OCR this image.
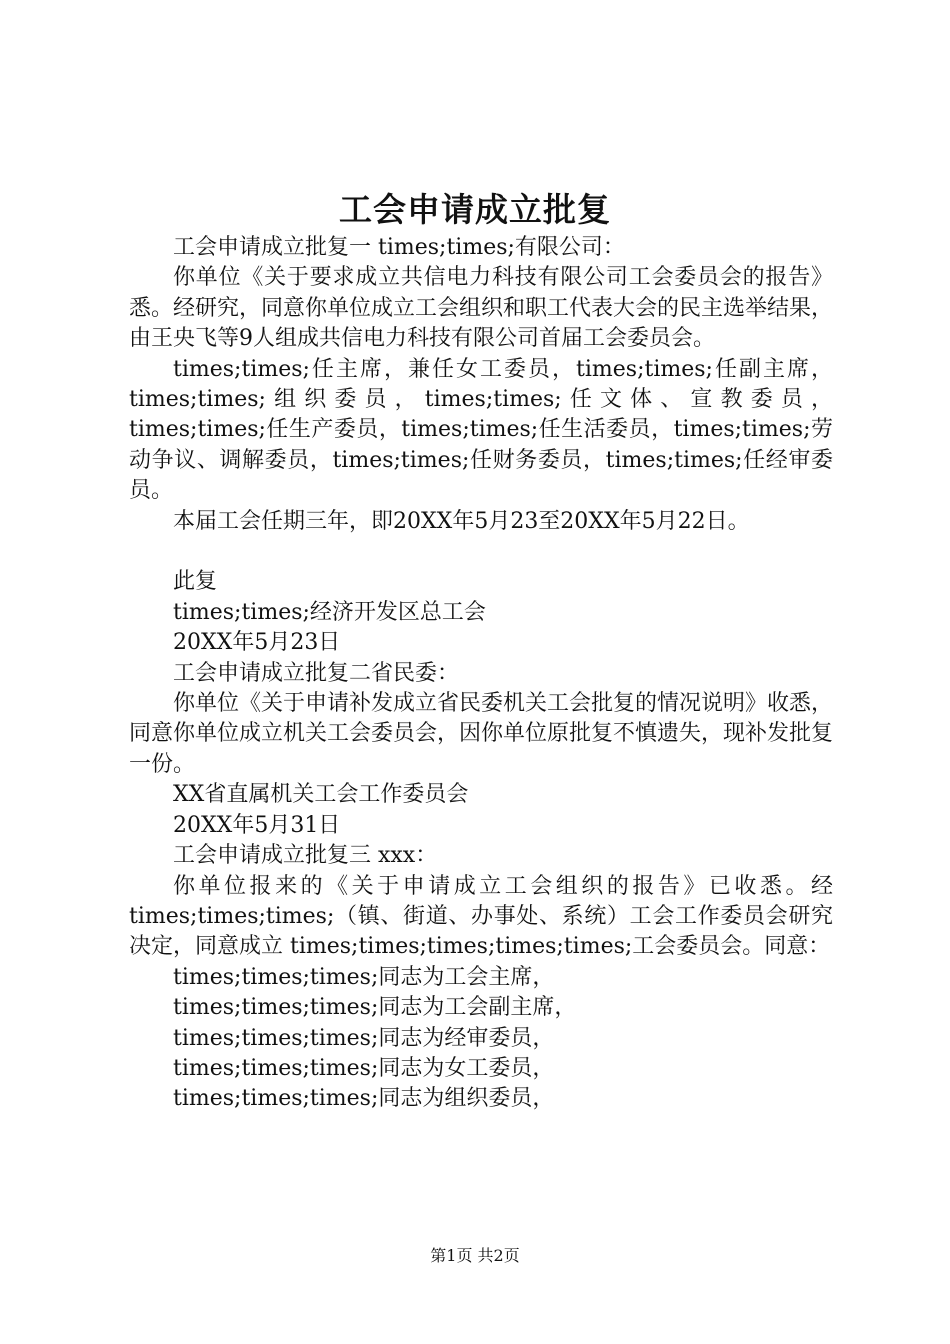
工会申请成立批复

工会申请成立批复一 times;times;有限公司：

你单位《关于要求成立共信电力科技有限公司工会委员会的报告》悉。经研究，同意你单位成立工会组织和职工代表大会的民主选举结果，由王央飞等9人组成共信电力科技有限公司首届工会委员会。

times;times;任主席，兼任女工委员，times;times;任副主席，times;times;组织委员，times;times;任文体、宣教委员，times;times;任生产委员，times;times;任生活委员，times;times;劳动争议、调解委员，times;times;任财务委员，times;times;任经审委员。

本届工会任期三年，即20XX年5月23至20XX年5月22日。

此复

times;times;经济开发区总工会

20XX年5月23日

工会申请成立批复二省民委：

你单位《关于申请补发成立省民委机关工会批复的情况说明》收悉，同意你单位成立机关工会委员会，因你单位原批复不慎遗失，现补发批复一份。

XX省直属机关工会工作委员会

20XX年5月31日

工会申请成立批复三 xxx：

你单位报来的《关于申请成立工会组织的报告》已收悉。经 times;times;times;（镇、街道、办事处、系统）工会工作委员会研究决定，同意成立 times;times;times;times;times;工会委员会。同意：

times;times;times;同志为工会主席，

times;times;times;同志为工会副主席，

times;times;times;同志为经审委员，

times;times;times;同志为女工委员，

times;times;times;同志为组织委员，

第1页 共2页
